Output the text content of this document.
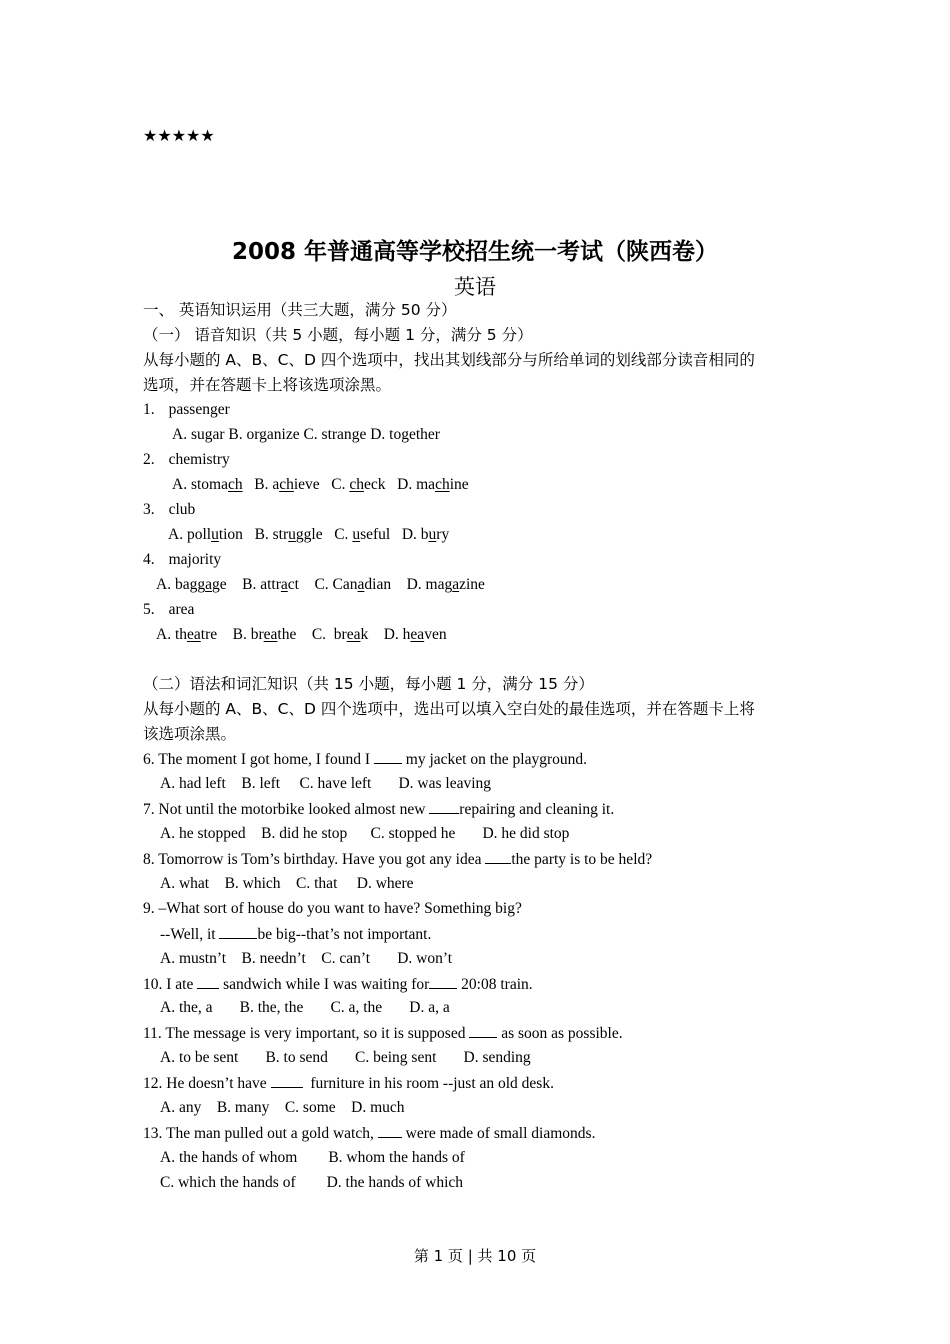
★★★★★
2008 年普通高等学校招生统一考试（陕西卷）
英语
一、 英语知识运用（共三大题，满分 50 分）
（一） 语音知识（共 5 小题，每小题 1 分，满分 5 分）
从每小题的 A、B、C、D 四个选项中，找出其划线部分与所给单词的划线部分读音相同的
选项，并在答题卡上将该选项涂黑。
1. passenger
A. sugar B. organize C. strange D. together
2. chemistry
A. stomach B. achieve C. check D. machine
3. club
A. pollution B. struggle C. useful D. bury
4. majority
A. baggage B. attract C. Canadian D. magazine
5. area
A. theatre B. breathe C.  break D. heaven
（二）语法和词汇知识（共 15 小题，每小题 1 分，满分 15 分）
从每小题的 A、B、C、D 四个选项中，选出可以填入空白处的最佳选项，并在答题卡上将
该选项涂黑。
6. The moment I got home, I found I  my jacket on the playground.
A. had left    B. left     C. have left       D. was leaving
7. Not until the motorbike looked almost new repairing and cleaning it.
A. he stopped    B. did he stop      C. stopped he       D. he did stop
8. Tomorrow is Tom’s birthday. Have you got any idea the party is to be held?
A. what    B. which    C. that     D. where
9. –What sort of house do you want to have? Something big?
--Well, it be big--that’s not important.
A. mustn’t    B. needn’t    C. can’t       D. won’t
10. I ate  sandwich while I was waiting for 20:08 train.
A. the, a       B. the, the       C. a, the       D. a, a
11. The message is very important, so it is supposed  as soon as possible.
A. to be sent       B. to send       C. being sent       D. sending
12. He doesn’t have   furniture in his room --just an old desk.
A. any    B. many    C. some    D. much
13. The man pulled out a gold watch,  were made of small diamonds.
A. the hands of whom        B. whom the hands of
C. which the hands of        D. the hands of which
第 1 页 | 共 10 页
